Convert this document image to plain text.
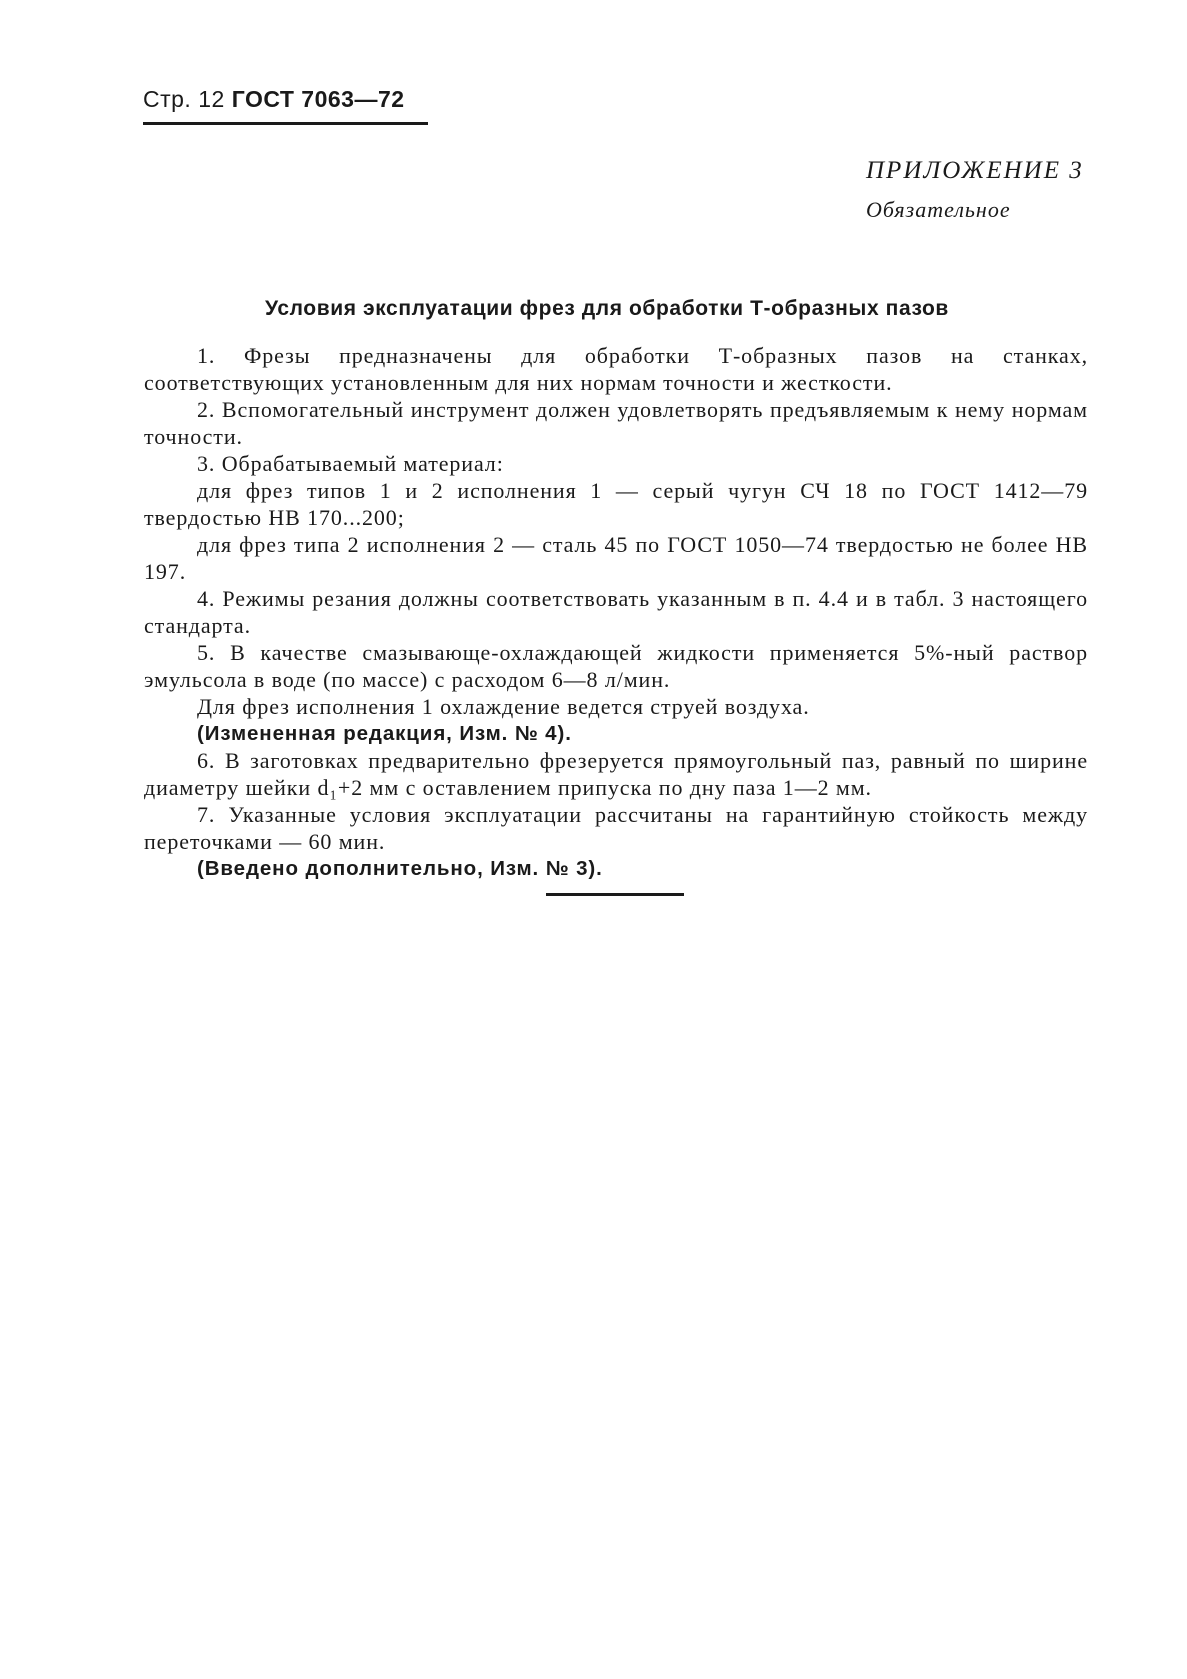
Стр. 12 ГОСТ 7063—72
ПРИЛОЖЕНИЕ 3
Обязательное
Условия эксплуатации фрез для обработки Т-образных пазов

1. Фрезы предназначены для обработки Т-образных пазов на станках, соответствующих установленным для них нормам точности и жесткости.

2. Вспомогательный инструмент должен удовлетворять предъявляемым к нему нормам точности.

3. Обрабатываемый материал:

для фрез типов 1 и 2 исполнения 1 — серый чугун СЧ 18 по ГОСТ 1412—79 твердостью НВ 170...200;

для фрез типа 2 исполнения 2 — сталь 45 по ГОСТ 1050—74 твердостью не более НВ 197.

4. Режимы резания должны соответствовать указанным в п. 4.4 и в табл. 3 настоящего стандарта.

5. В качестве смазывающе-охлаждающей жидкости применяется 5%-ный раствор эмульсола в воде (по массе) с расходом 6—8 л/мин.

Для фрез исполнения 1 охлаждение ведется струей воздуха.

(Измененная редакция, Изм. № 4).

6. В заготовках предварительно фрезеруется прямоугольный паз, равный по ширине диаметру шейки d₁+2 мм с оставлением припуска по дну паза 1—2 мм.

7. Указанные условия эксплуатации рассчитаны на гарантийную стойкость между переточками — 60 мин.

(Введено дополнительно, Изм. № 3).
